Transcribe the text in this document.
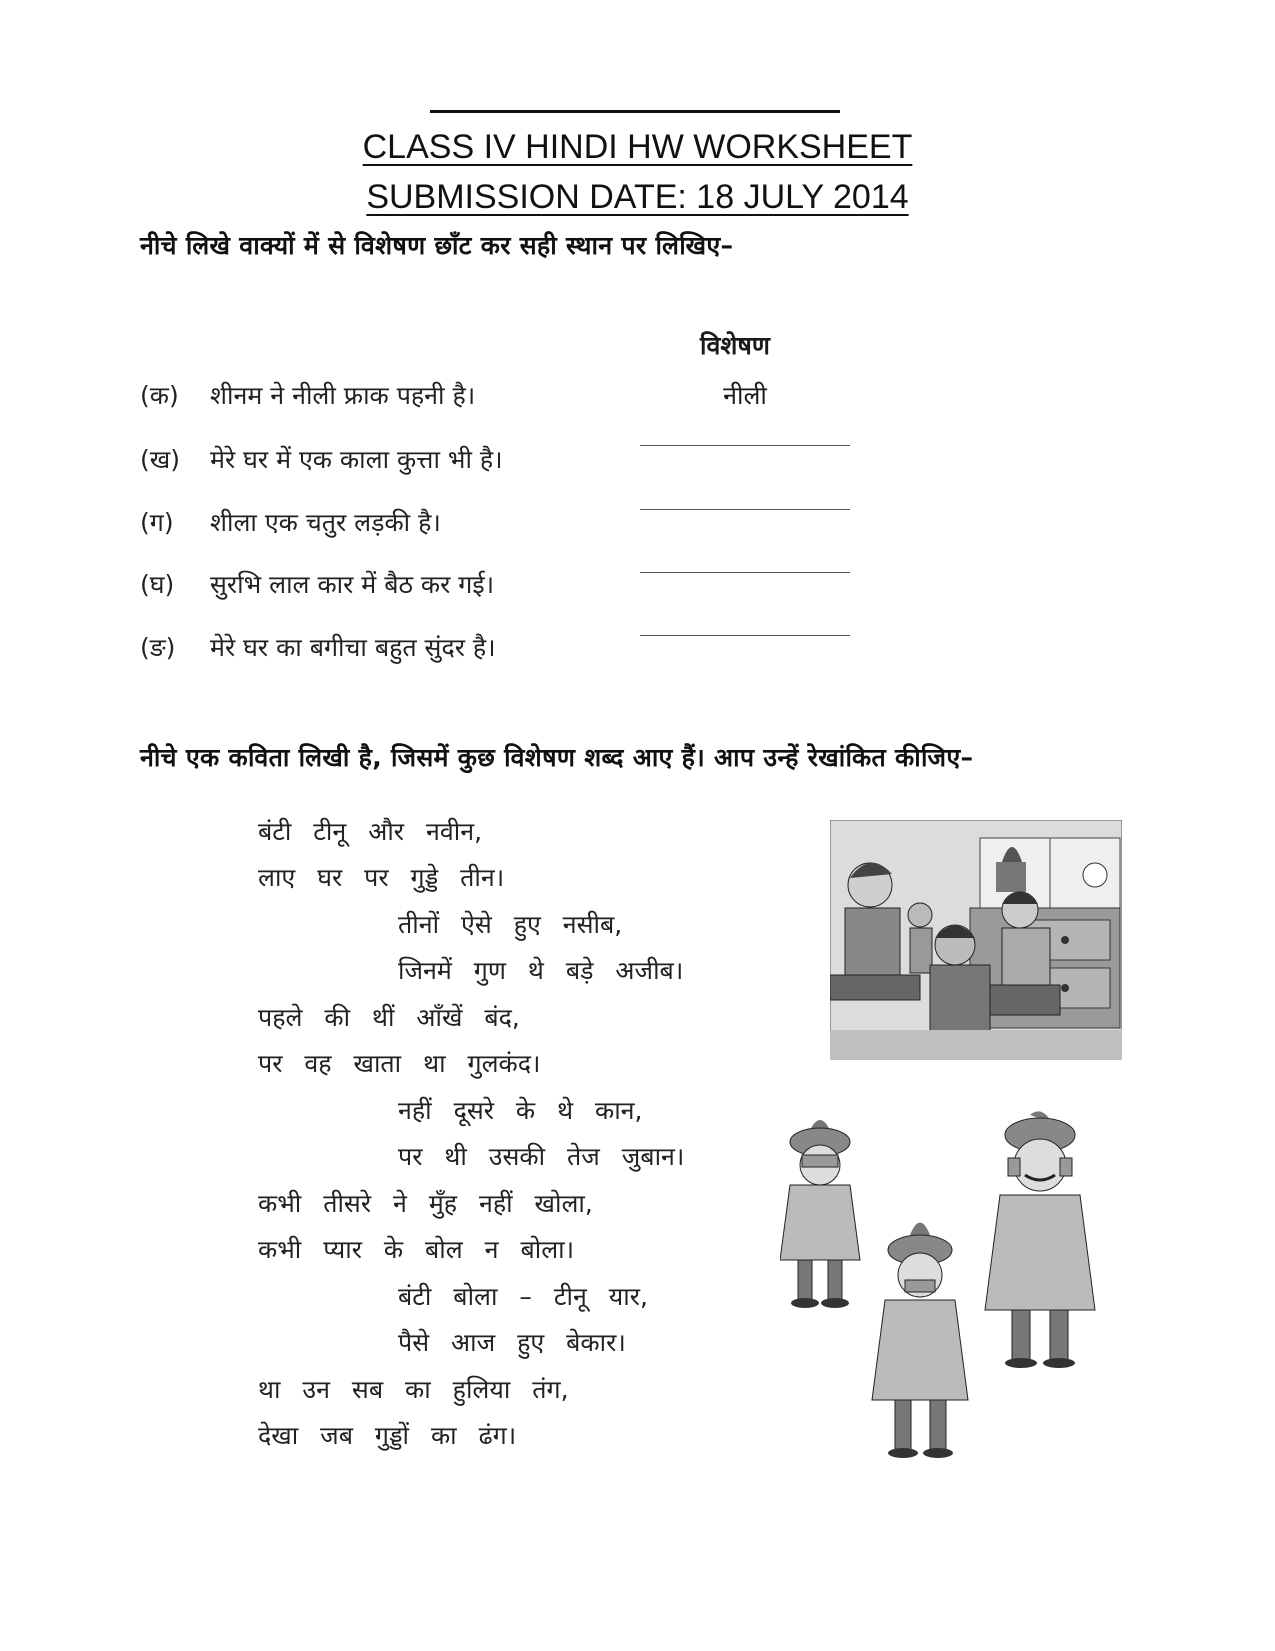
CLASS IV HINDI HW WORKSHEET
SUBMISSION DATE: 18 JULY 2014
नीचे लिखे वाक्यों में से विशेषण छाँट कर सही स्थान पर लिखिए–
विशेषण
(क) शीनम ने नीली फ्राक पहनी है।	नीली
(ख) मेरे घर में एक काला कुत्ता भी है।
(ग) शीला एक चतुर लड़की है।
(घ) सुरभि लाल कार में बैठ कर गई।
(ङ) मेरे घर का बगीचा बहुत सुंदर है।
नीचे एक कविता लिखी है, जिसमें कुछ विशेषण शब्द आए हैं। आप उन्हें रेखांकित कीजिए–
बंटी टीनू और नवीन,
लाए घर पर गुड्डे तीन।
तीनों ऐसे हुए नसीब,
जिनमें गुण थे बड़े अजीब।
पहले की थीं आँखें बंद,
पर वह खाता था गुलकंद।
नहीं दूसरे के थे कान,
पर थी उसकी तेज जुबान।
कभी तीसरे ने मुँह नहीं खोला,
कभी प्यार के बोल न बोला।
बंटी बोला – टीनू यार,
पैसे आज हुए बेकार।
था उन सब का हुलिया तंग,
देखा जब गुड्डों का ढंग।
